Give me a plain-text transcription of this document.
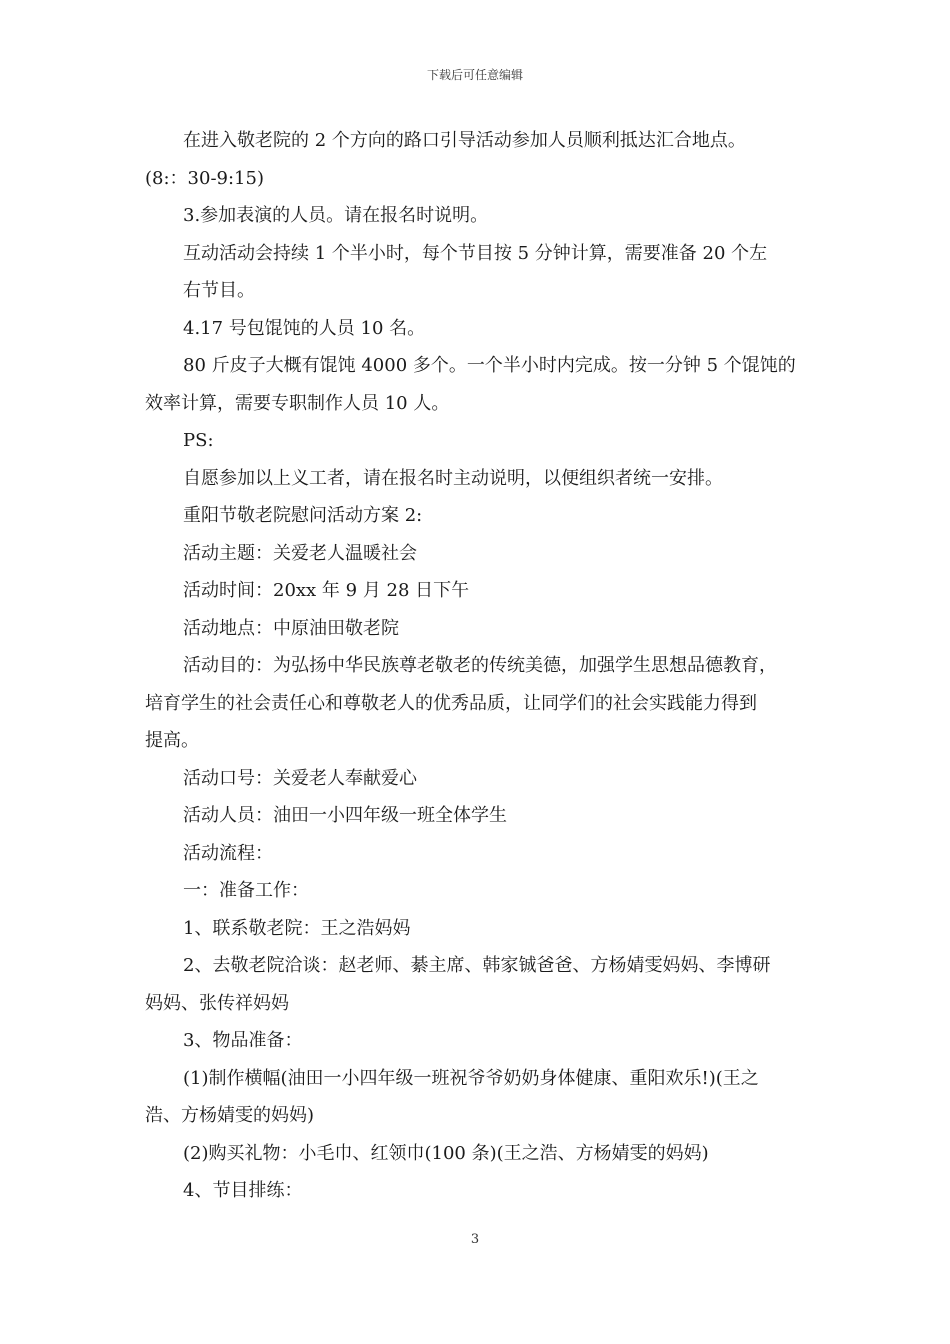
下载后可任意编辑

在进入敬老院的 2 个方向的路口引导活动参加人员顺利抵达汇合地点。

(8:：30-9:15)

3.参加表演的人员。请在报名时说明。

互动活动会持续 1 个半小时，每个节目按 5 分钟计算，需要准备 20 个左

右节目。

4.17 号包馄饨的人员 10 名。

80 斤皮子大概有馄饨 4000 多个。一个半小时内完成。按一分钟 5 个馄饨的

效率计算，需要专职制作人员 10 人。

PS:

自愿参加以上义工者，请在报名时主动说明，以便组织者统一安排。

重阳节敬老院慰问活动方案 2:

活动主题：关爱老人温暖社会

活动时间：20xx 年 9 月 28 日下午

活动地点：中原油田敬老院

活动目的：为弘扬中华民族尊老敬老的传统美德，加强学生思想品德教育，

培育学生的社会责任心和尊敬老人的优秀品质，让同学们的社会实践能力得到

提高。

活动口号：关爱老人奉献爱心

活动人员：油田一小四年级一班全体学生

活动流程：

一：准备工作：

1、联系敬老院：王之浩妈妈

2、去敬老院洽谈：赵老师、綦主席、韩家铖爸爸、方杨婧雯妈妈、李博研

妈妈、张传祥妈妈

3、物品准备：

(1)制作横幅(油田一小四年级一班祝爷爷奶奶身体健康、重阳欢乐!)(王之

浩、方杨婧雯的妈妈)

(2)购买礼物：小毛巾、红领巾(100 条)(王之浩、方杨婧雯的妈妈)

4、节目排练：

3
